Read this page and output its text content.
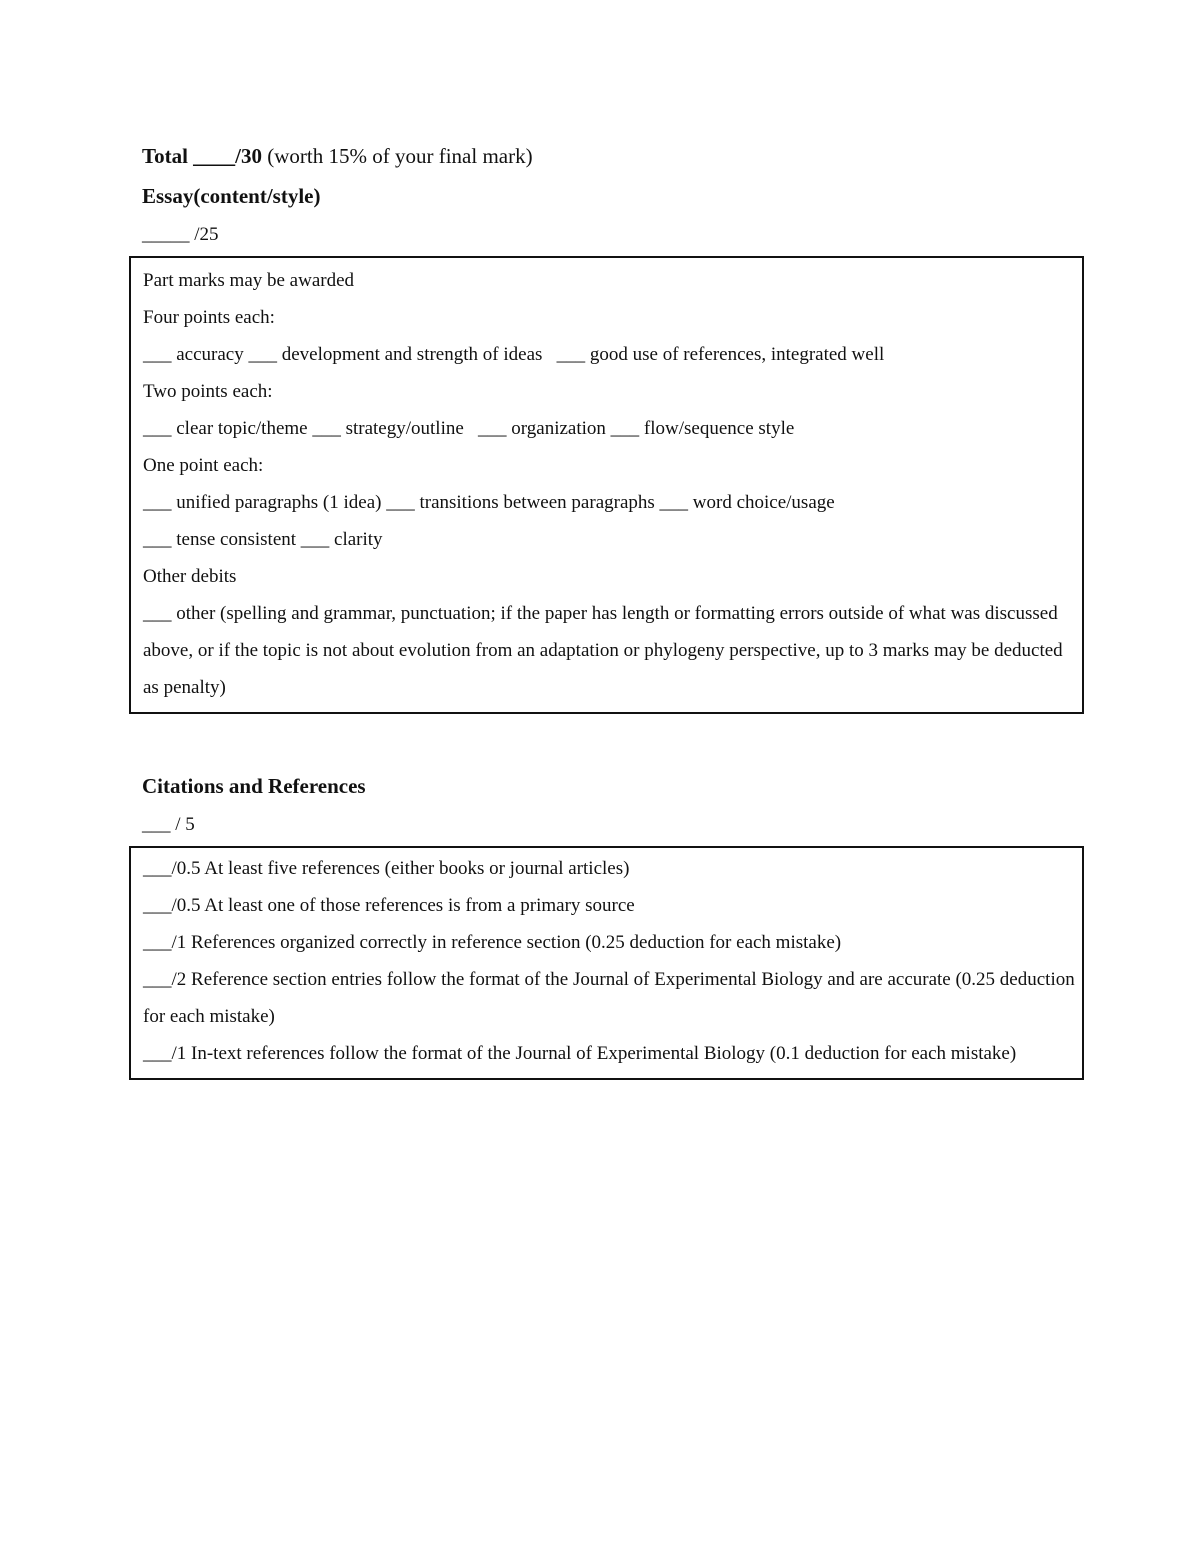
Total ____/30 (worth 15% of your final mark)

Essay(content/style)

_____ /25

Part marks may be awarded

Four points each:

___ accuracy ___ development and strength of ideas   ___ good use of references, integrated well

Two points each:

___ clear topic/theme ___ strategy/outline   ___ organization ___ flow/sequence style

One point each:

___ unified paragraphs (1 idea) ___ transitions between paragraphs ___ word choice/usage

___ tense consistent ___ clarity

Other debits

___ other (spelling and grammar, punctuation; if the paper has length or formatting errors outside of what was discussed above, or if the topic is not about evolution from an adaptation or phylogeny perspective, up to 3 marks may be deducted as penalty)

Citations and References

___ / 5

___/0.5 At least five references (either books or journal articles)

___/0.5 At least one of those references is from a primary source

___/1 References organized correctly in reference section (0.25 deduction for each mistake)

___/2 Reference section entries follow the format of the Journal of Experimental Biology and are accurate (0.25 deduction for each mistake)

___/1 In-text references follow the format of the Journal of Experimental Biology (0.1 deduction for each mistake)
